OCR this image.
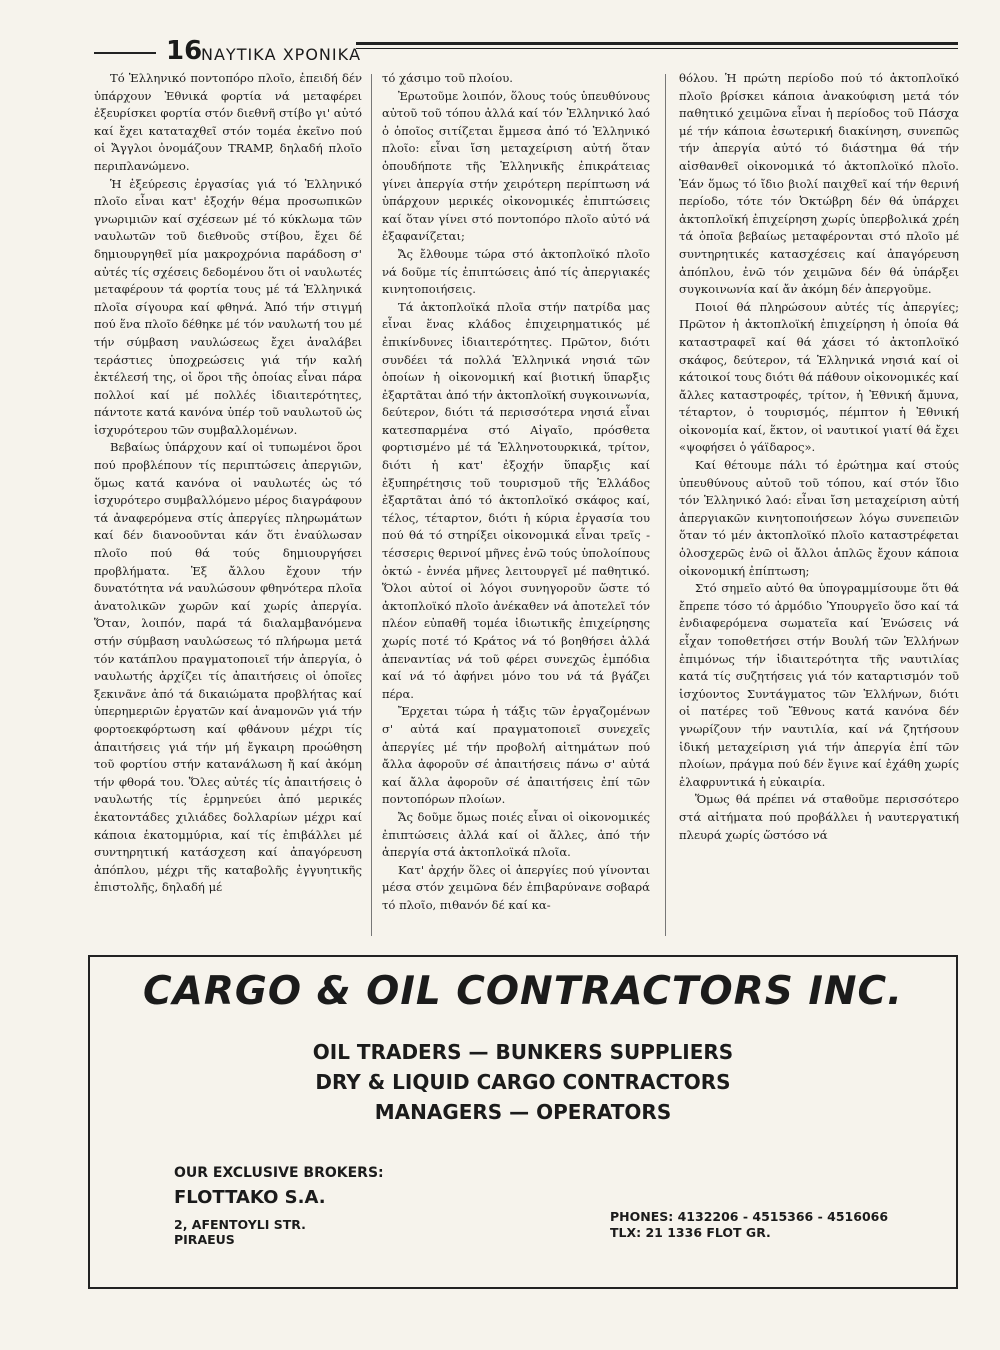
16
ΝΑΥΤΙΚΑ ΧΡΟΝΙΚΑ

Τό Ἑλληνικό ποντοπόρο πλοῖο, ἐπειδή δέν ὑπάρχουν Ἐθνικά φορτία νά μεταφέρει ἐξευρίσκει φορτία στόν διεθνῆ στίβο γι' αὐτό καί ἔχει καταταχθεῖ στόν τομέα ἐκεῖνο πού οἱ Ἄγγλοι ὀνομάζουν TRAMP, δηλαδή πλοῖο περιπλανώμενο.

Ἡ ἐξεύρεσις ἐργασίας γιά τό Ἑλληνικό πλοῖο εἶναι κατ' ἐξοχήν θέμα προσωπικῶν γνωριμιῶν καί σχέσεων μέ τό κύκλωμα τῶν ναυλωτῶν τοῦ διεθνοῦς στίβου, ἔχει δέ δημιουργηθεῖ μία μακροχρόνια παράδοση σ' αὐτές τίς σχέσεις δεδομένου ὅτι οἱ ναυλωτές μεταφέρουν τά φορτία τους μέ τά Ἑλληνικά πλοῖα σίγουρα καί φθηνά. Ἀπό τήν στιγμή πού ἕνα πλοῖο δέθηκε μέ τόν ναυλωτή του μέ τήν σύμβαση ναυλώσεως ἔχει ἀναλάβει τεράστιες ὑποχρεώσεις γιά τήν καλή ἐκτέλεσή της, οἱ ὅροι τῆς ὁποίας εἶναι πάρα πολλοί καί μέ πολλές ἰδιαιτερότητες, πάντοτε κατά κανόνα ὑπέρ τοῦ ναυλωτοῦ ὡς ἰσχυρότερου τῶν συμβαλλομένων.

Βεβαίως ὑπάρχουν καί οἱ τυπωμένοι ὅροι πού προβλέπουν τίς περιπτώσεις ἀπεργιῶν, ὅμως κατά κανόνα οἱ ναυλωτές ὡς τό ἰσχυρότερο συμβαλλόμενο μέρος διαγράφουν τά ἀναφερόμενα στίς ἀπεργίες πληρωμάτων καί δέν διανοοῦνται κάν ὅτι ἐναύλωσαν πλοῖο πού θά τούς δημιουργήσει προβλήματα. Ἐξ ἄλλου ἔχουν τήν δυνατότητα νά ναυλώσουν φθηνότερα πλοῖα ἀνατολικῶν χωρῶν καί χωρίς ἀπεργία. Ὅταν, λοιπόν, παρά τά διαλαμβανόμενα στήν σύμβαση ναυλώσεως τό πλήρωμα μετά τόν κατάπλου πραγματοποιεῖ τήν ἀπεργία, ὁ ναυλωτής ἀρχίζει τίς ἀπαιτήσεις οἱ ὁποῖες ξεκινᾶνε ἀπό τά δικαιώματα προβλήτας καί ὑπερημεριῶν ἐργατῶν καί ἀναμονῶν γιά τήν φορτοεκφόρτωση καί φθάνουν μέχρι τίς ἀπαιτήσεις γιά τήν μή ἔγκαιρη προώθηση τοῦ φορτίου στήν κατανάλωση ἤ καί ἀκόμη τήν φθορά του. Ὅλες αὐτές τίς ἀπαιτήσεις ὁ ναυλωτής τίς ἑρμηνεύει ἀπό μερικές ἑκατοντάδες χιλιάδες δολλαρίων μέχρι καί κάποια ἑκατομμύρια, καί τίς ἐπιβάλλει μέ συντηρητική κατάσχεση καί ἀπαγόρευση ἀπόπλου, μέχρι τῆς καταβολῆς ἐγγυητικῆς ἐπιστολῆς, δηλαδή μέ

τό χάσιμο τοῦ πλοίου.

Ἐρωτοῦμε λοιπόν, ὅλους τούς ὑπευθύνους αὐτοῦ τοῦ τόπου ἀλλά καί τόν Ἑλληνικό λαό ὁ ὁποῖος σιτίζεται ἔμμεσα ἀπό τό Ἑλληνικό πλοῖο: εἶναι ἴση μεταχείριση αὐτή ὅταν ὁπουδήποτε τῆς Ἑλληνικῆς ἐπικράτειας γίνει ἀπεργία στήν χειρότερη περίπτωση νά ὑπάρχουν μερικές οἰκονομικές ἐπιπτώσεις καί ὅταν γίνει στό ποντοπόρο πλοῖο αὐτό νά ἐξαφανίζεται;

Ἄς ἔλθουμε τώρα στό ἀκτοπλοϊκό πλοῖο νά δοῦμε τίς ἐπιπτώσεις ἀπό τίς ἀπεργιακές κινητοποιήσεις.

Τά ἀκτοπλοϊκά πλοῖα στήν πατρίδα μας εἶναι ἕνας κλάδος ἐπιχειρηματικός μέ ἐπικίνδυνες ἰδιαιτερότητες. Πρῶτον, διότι συνδέει τά πολλά Ἑλληνικά νησιά τῶν ὁποίων ἡ οἰκονομική καί βιοτική ὕπαρξις ἐξαρτᾶται ἀπό τήν ἀκτοπλοϊκή συγκοινωνία, δεύτερον, διότι τά περισσότερα νησιά εἶναι κατεσπαρμένα στό Αἰγαῖο, πρόσθετα φορτισμένο μέ τά Ἑλληνοτουρκικά, τρίτον, διότι ἡ κατ' ἐξοχήν ὕπαρξις καί ἐξυπηρέτησις τοῦ τουρισμοῦ τῆς Ἑλλάδος ἐξαρτᾶται ἀπό τό ἀκτοπλοϊκό σκάφος καί, τέλος, τέταρτον, διότι ἡ κύρια ἐργασία του πού θά τό στηρίξει οἰκονομικά εἶναι τρεῖς - τέσσερις θερινοί μῆνες ἐνῶ τούς ὑπολοίπους ὀκτώ - ἐννέα μῆνες λειτουργεῖ μέ παθητικό. Ὅλοι αὐτοί οἱ λόγοι συνηγοροῦν ὥστε τό ἀκτοπλοϊκό πλοῖο ἀνέκαθεν νά ἀποτελεῖ τόν πλέον εὐπαθῆ τομέα ἰδιωτικῆς ἐπιχείρησης χωρίς ποτέ τό Κράτος νά τό βοηθήσει ἀλλά ἀπεναντίας νά τοῦ φέρει συνεχῶς ἐμπόδια καί νά τό ἀφήνει μόνο του νά τά βγάζει πέρα.

Ἔρχεται τώρα ἡ τάξις τῶν ἐργαζομένων σ' αὐτά καί πραγματοποιεῖ συνεχεῖς ἀπεργίες μέ τήν προβολή αἰτημάτων πού ἄλλα ἀφοροῦν σέ ἀπαιτήσεις πάνω σ' αὐτά καί ἄλλα ἀφοροῦν σέ ἀπαιτήσεις ἐπί τῶν ποντοπόρων πλοίων.

Ἄς δοῦμε ὅμως ποιές εἶναι οἱ οἰκονομικές ἐπιπτώσεις ἀλλά καί οἱ ἄλλες, ἀπό τήν ἀπεργία στά ἀκτοπλοϊκά πλοῖα.

Κατ' ἀρχήν ὅλες οἱ ἀπεργίες πού γίνονται μέσα στόν χειμῶνα δέν ἐπιβαρύνανε σοβαρά τό πλοῖο, πιθανόν δέ καί κα-

θόλου. Ἡ πρώτη περίοδο πού τό ἀκτοπλοϊκό πλοῖο βρίσκει κάποια ἀνακούφιση μετά τόν παθητικό χειμῶνα εἶναι ἡ περίοδος τοῦ Πάσχα μέ τήν κάποια ἐσωτερική διακίνηση, συνεπῶς τήν ἀπεργία αὐτό τό διάστημα θά τήν αἰσθανθεῖ οἰκονομικά τό ἀκτοπλοϊκό πλοῖο. Ἐάν ὅμως τό ἴδιο βιολί παιχθεῖ καί τήν θερινή περίοδο, τότε τόν Ὀκτώβρη δέν θά ὑπάρχει ἀκτοπλοϊκή ἐπιχείρηση χωρίς ὑπερβολικά χρέη τά ὁποῖα βεβαίως μεταφέρονται στό πλοῖο μέ συντηρητικές κατασχέσεις καί ἀπαγόρευση ἀπόπλου, ἐνῶ τόν χειμῶνα δέν θά ὑπάρξει συγκοινωνία καί ἄν ἀκόμη δέν ἀπεργοῦμε.

Ποιοί θά πληρώσουν αὐτές τίς ἀπεργίες; Πρῶτον ἡ ἀκτοπλοϊκή ἐπιχείρηση ἡ ὁποία θά καταστραφεῖ καί θά χάσει τό ἀκτοπλοϊκό σκάφος, δεύτερον, τά Ἑλληνικά νησιά καί οἱ κάτοικοί τους διότι θά πάθουν οἰκονομικές καί ἄλλες καταστροφές, τρίτον, ἡ Ἐθνική ἄμυνα, τέταρτον, ὁ τουρισμός, πέμπτον ἡ Ἐθνική οἰκονομία καί, ἕκτον, οἱ ναυτικοί γιατί θά ἔχει «ψοφήσει ὁ γάϊδαρος».

Καί θέτουμε πάλι τό ἐρώτημα καί στούς ὑπευθύνους αὐτοῦ τοῦ τόπου, καί στόν ἴδιο τόν Ἑλληνικό λαό: εἶναι ἴση μεταχείριση αὐτή ἀπεργιακῶν κινητοποιήσεων λόγω συνεπειῶν ὅταν τό μέν ἀκτοπλοϊκό πλοῖο καταστρέφεται ὁλοσχερῶς ἐνῶ οἱ ἄλλοι ἁπλῶς ἔχουν κάποια οἰκονομική ἐπίπτωση;

Στό σημεῖο αὐτό θα ὑπογραμμίσουμε ὅτι θά ἔπρεπε τόσο τό ἁρμόδιο Ὑπουργεῖο ὅσο καί τά ἐνδιαφερόμενα σωματεῖα καί Ἑνώσεις νά εἶχαν τοποθετήσει στήν Βουλή τῶν Ἑλλήνων ἐπιμόνως τήν ἰδιαιτερότητα τῆς ναυτιλίας κατά τίς συζητήσεις γιά τόν καταρτισμόν τοῦ ἰσχύοντος Συντάγματος τῶν Ἑλλήνων, διότι οἱ πατέρες τοῦ Ἔθνους κατά κανόνα δέν γνωρίζουν τήν ναυτιλία, καί νά ζητήσουν ἰδική μεταχείριση γιά τήν ἀπεργία ἐπί τῶν πλοίων, πράγμα πού δέν ἔγινε καί ἐχάθη χωρίς ἐλαφρυντικά ἡ εὐκαιρία.

Ὅμως θά πρέπει νά σταθοῦμε περισσότερο στά αἰτήματα πού προβάλλει ἡ ναυτεργατική πλευρά χωρίς ὥστόσο νά

CARGO & OIL CONTRACTORS INC.
OIL TRADERS — BUNKERS SUPPLIERS
DRY & LIQUID CARGO CONTRACTORS
MANAGERS — OPERATORS
OUR EXCLUSIVE BROKERS:
FLOTTAKO S.A.
2, AFENTOYLI STR.
PIRAEUS
PHONES: 4132206 - 4515366 - 4516066
TLX: 21 1336 FLOT GR.
